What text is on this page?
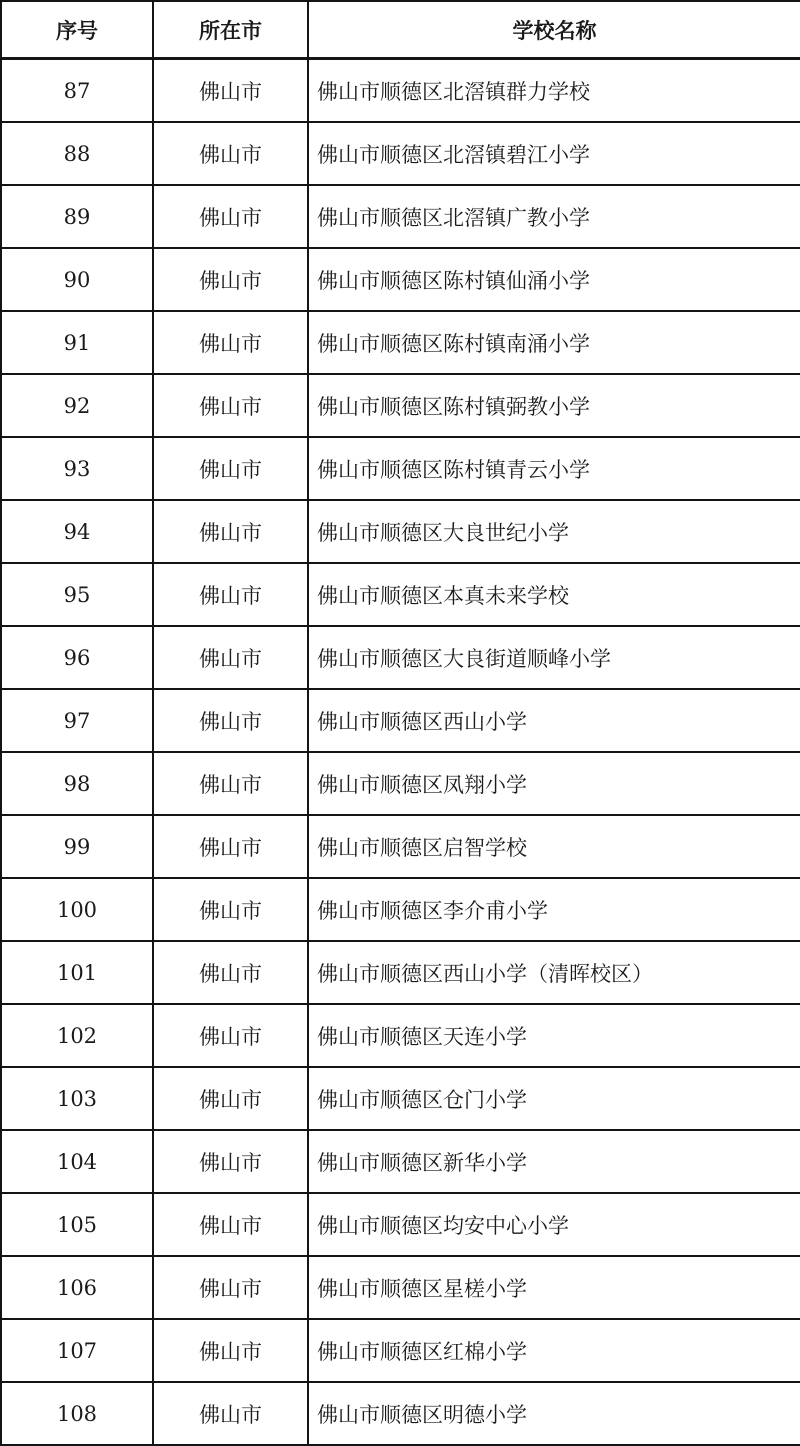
序号	所在市	学校名称
87	佛山市	佛山市顺德区北滘镇群力学校
88	佛山市	佛山市顺德区北滘镇碧江小学
89	佛山市	佛山市顺德区北滘镇广教小学
90	佛山市	佛山市顺德区陈村镇仙涌小学
91	佛山市	佛山市顺德区陈村镇南涌小学
92	佛山市	佛山市顺德区陈村镇弼教小学
93	佛山市	佛山市顺德区陈村镇青云小学
94	佛山市	佛山市顺德区大良世纪小学
95	佛山市	佛山市顺德区本真未来学校
96	佛山市	佛山市顺德区大良街道顺峰小学
97	佛山市	佛山市顺德区西山小学
98	佛山市	佛山市顺德区凤翔小学
99	佛山市	佛山市顺德区启智学校
100	佛山市	佛山市顺德区李介甫小学
101	佛山市	佛山市顺德区西山小学（清晖校区）
102	佛山市	佛山市顺德区天连小学
103	佛山市	佛山市顺德区仓门小学
104	佛山市	佛山市顺德区新华小学
105	佛山市	佛山市顺德区均安中心小学
106	佛山市	佛山市顺德区星槎小学
107	佛山市	佛山市顺德区红棉小学
108	佛山市	佛山市顺德区明德小学
